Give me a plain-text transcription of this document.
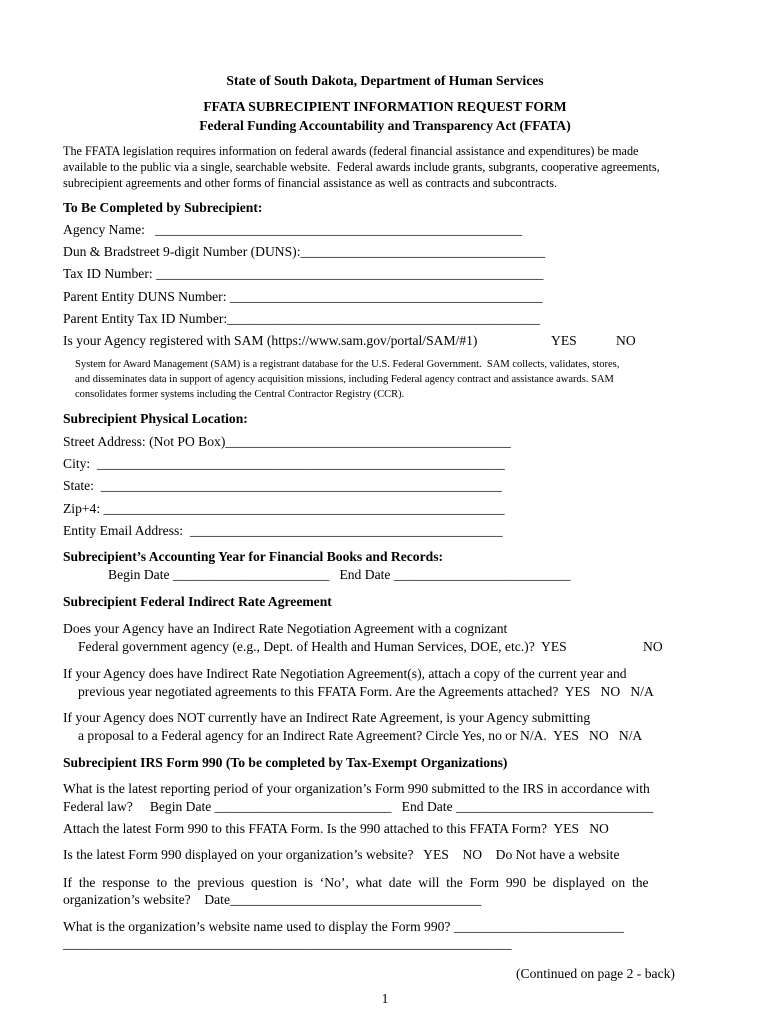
State of South Dakota, Department of Human Services
FFATA SUBRECIPIENT INFORMATION REQUEST FORM
Federal Funding Accountability and Transparency Act (FFATA)
The FFATA legislation requires information on federal awards (federal financial assistance and expenditures) be made
available to the public via a single, searchable website.  Federal awards include grants, subgrants, cooperative agreements,
subrecipient agreements and other forms of financial assistance as well as contracts and subcontracts.
To Be Completed by Subrecipient:
Agency Name:   ______________________________________________________
Dun & Bradstreet 9-digit Number (DUNS):____________________________________
Tax ID Number: _________________________________________________________
Parent Entity DUNS Number: ______________________________________________
Parent Entity Tax ID Number:______________________________________________
Is your Agency registered with SAM (https://www.sam.gov/portal/SAM/#1)	YES	NO
System for Award Management (SAM) is a registrant database for the U.S. Federal Government.  SAM collects, validates, stores,
and disseminates data in support of agency acquisition missions, including Federal agency contract and assistance awards. SAM
consolidates former systems including the Central Contractor Registry (CCR).
Subrecipient Physical Location:
Street Address: (Not PO Box)__________________________________________
City:  ____________________________________________________________
State:  ___________________________________________________________
Zip+4: ___________________________________________________________
Entity Email Address:  ______________________________________________
Subrecipient’s Accounting Year for Financial Books and Records:
Begin Date _______________________   End Date __________________________
Subrecipient Federal Indirect Rate Agreement
Does your Agency have an Indirect Rate Negotiation Agreement with a cognizant
Federal government agency (e.g., Dept. of Health and Human Services, DOE, etc.)?  YES	NO
If your Agency does have Indirect Rate Negotiation Agreement(s), attach a copy of the current year and
previous year negotiated agreements to this FFATA Form. Are the Agreements attached?  YES   NO   N/A
If your Agency does NOT currently have an Indirect Rate Agreement, is your Agency submitting
a proposal to a Federal agency for an Indirect Rate Agreement? Circle Yes, no or N/A.  YES   NO   N/A
Subrecipient IRS Form 990 (To be completed by Tax-Exempt Organizations)
What is the latest reporting period of your organization’s Form 990 submitted to the IRS in accordance with
Federal law?     Begin Date __________________________   End Date _____________________________
Attach the latest Form 990 to this FFATA Form. Is the 990 attached to this FFATA Form?  YES   NO
Is the latest Form 990 displayed on your organization’s website?   YES    NO    Do Not have a website
If  the  response  to  the  previous  question  is  ‘No’,  what  date  will  the  Form  990  be  displayed  on  the
organization’s website?    Date_____________________________________
What is the organization’s website name used to display the Form 990? _________________________
__________________________________________________________________
(Continued on page 2 - back)
1
